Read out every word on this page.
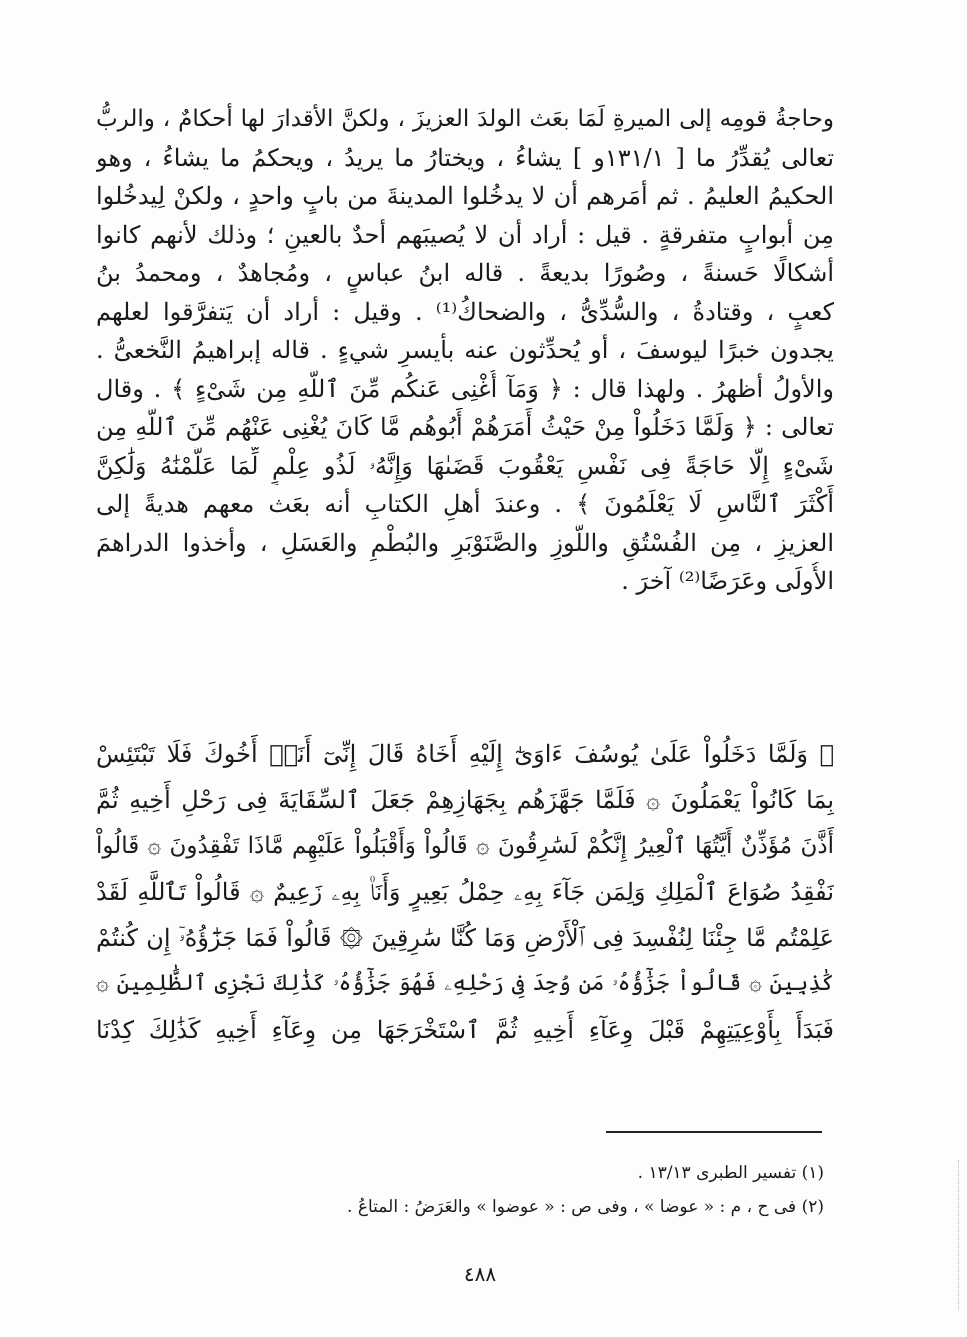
وحاجةُ قومِه إلى الميرةِ لَمَا بعَث الولدَ العزيزَ ، ولكنَّ الأقدارَ لها أحكامٌ ، والربُّ
تعالى يُقدِّرُ ما [ ١٣١/١و ] يشاءُ ، ويختارُ ما يريدُ ، ويحكمُ ما يشاءُ ، وهو
الحكيمُ العليمُ . ثم أمَرهم أن لا يدخُلوا المدينةَ من بابٍ واحدٍ ، ولكنْ لِيدخُلوا
مِن أبوابٍ متفرقةٍ . قيل : أراد أن لا يُصيبَهم أحدٌ بالعينِ ؛ وذلك لأنهم كانوا
أشكالًا حَسنةً ، وصُورًا بديعةً . قاله ابنُ عباسٍ ، ومُجاهدٌ ، ومحمدُ بنُ
كعبٍ ، وقتادةُ ، والسُّدِّىُّ ، والضحاكُ⁽¹⁾ . وقيل : أراد أن يَتفرَّقوا لعلهم
يجدون خبرًا ليوسفَ ، أو يُحدِّثون عنه بأيسرِ شيءٍ . قاله إبراهيمُ النَّخعىُّ .
والأولُ أظهرُ . ولهذا قال : ﴿ وَمَآ أُغْنِى عَنكُم مِّنَ ٱللَّهِ مِن شَىْءٍ ﴾ . وقال
تعالى : ﴿ وَلَمَّا دَخَلُواْ مِنْ حَيْثُ أَمَرَهُمْ أَبُوهُم مَّا كَانَ يُغْنِى عَنْهُم مِّنَ ٱللَّهِ مِن
شَىْءٍ إِلَّا حَاجَةً فِى نَفْسِ يَعْقُوبَ قَضَىٰهَا وَإِنَّهُۥ لَذُو عِلْمٍ لِّمَا عَلَّمْنَٰهُ وَلَٰكِنَّ
أَكْثَرَ ٱلنَّاسِ لَا يَعْلَمُونَ ﴾ . وعندَ أهلِ الكتابِ أنه بعَث معهم هديةً إلى
العزيزِ ، مِن الفُسْتُقِ واللَّوزِ والصَّنَوْبَرِ والبُطْمِ والعَسَلِ ، وأخذوا الدراهمَ
الأُولَى وعَرَضًا⁽²⁾ آخرَ .
﴿ وَلَمَّا دَخَلُواْ عَلَىٰ يُوسُفَ ءَاوَىٰٓ إِلَيْهِ أَخَاهُ قَالَ إِنِّىٓ أَنَا۠ أَخُوكَ فَلَا تَبْتَئِسْ
بِمَا كَانُواْ يَعْمَلُونَ ۞ فَلَمَّا جَهَّزَهُم بِجَهَازِهِمْ جَعَلَ ٱلسِّقَايَةَ فِى رَحْلِ أَخِيهِ ثُمَّ
أَذَّنَ مُؤَذِّنٌ أَيَّتُهَا ٱلْعِيرُ إِنَّكُمْ لَسَٰرِقُونَ ۞ قَالُواْ وَأَقْبَلُواْ عَلَيْهِم مَّاذَا تَفْقِدُونَ ۞ قَالُواْ
نَفْقِدُ صُوَاعَ ٱلْمَلِكِ وَلِمَن جَآءَ بِهِۦ حِمْلُ بَعِيرٍ وَأَنَا۠ بِهِۦ زَعِيمٌ ۞ قَالُواْ تَٱللَّهِ لَقَدْ
عَلِمْتُم مَّا جِئْنَا لِنُفْسِدَ فِى ٱلْأَرْضِ وَمَا كُنَّا سَٰرِقِينَ ۞ قَالُواْ فَمَا جَزَٰٓؤُهُۥٓ إِن كُنتُمْ
كَٰذِبِينَ ۞ قَالُواْ جَزَٰٓؤُهُۥ مَن وُجِدَ فِى رَحْلِهِۦ فَهُوَ جَزَٰٓؤُهُۥ كَذَٰلِكَ نَجْزِى ٱلظَّٰلِمِينَ ۞
فَبَدَأَ بِأَوْعِيَتِهِمْ قَبْلَ وِعَآءِ أَخِيهِ ثُمَّ ٱسْتَخْرَجَهَا مِن وِعَآءِ أَخِيهِ كَذَٰلِكَ كِدْنَا
(١) تفسير الطبرى ١٣/١٣ .
(٢) فى ح ، م : « عوضا » ، وفى ص : « عوضوا » والعَرَضُ : المتاعُ .
٤٨٨
